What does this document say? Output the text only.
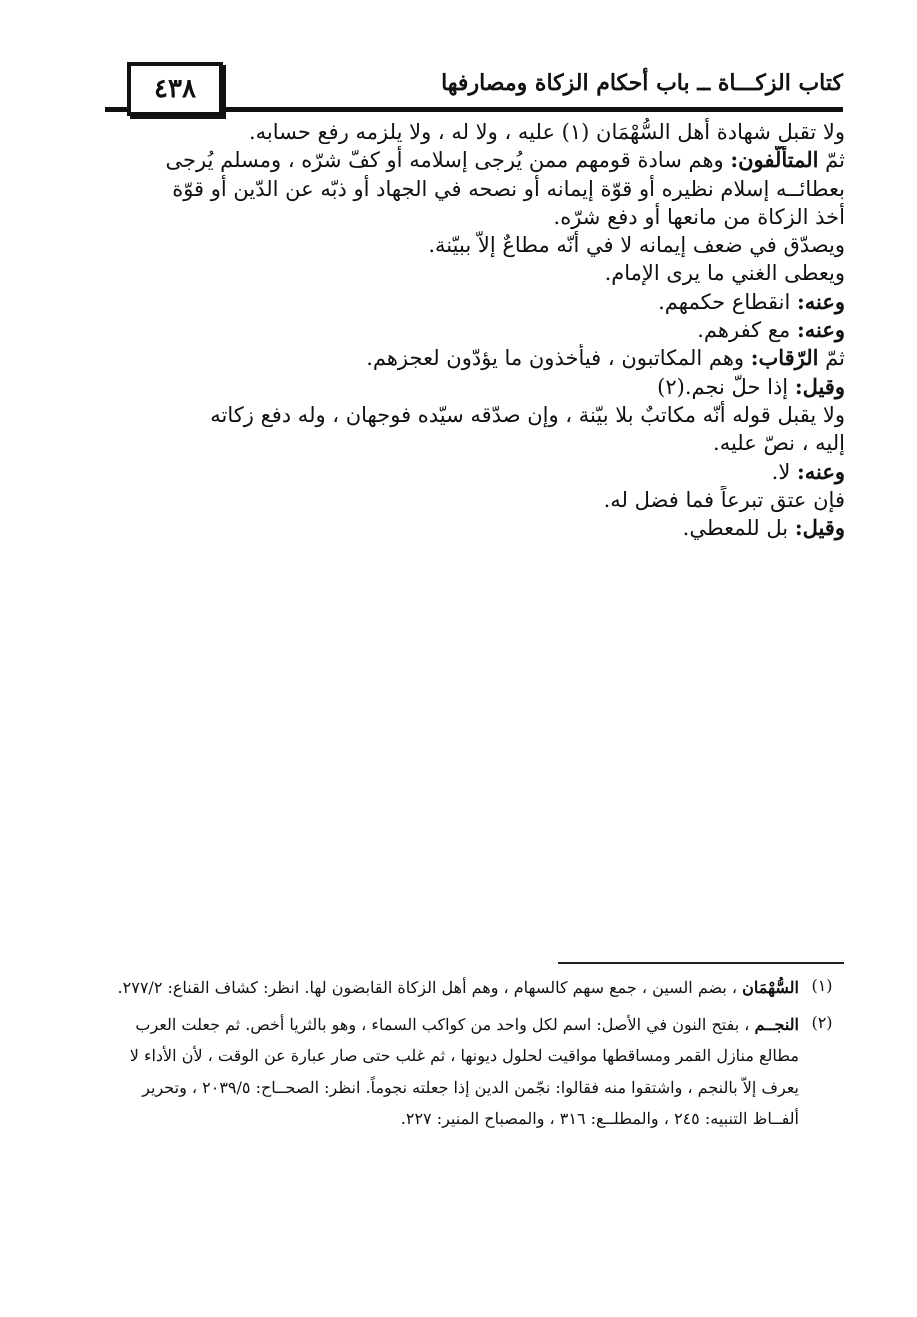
٤٣٨	كتاب الزكـــاة ــ باب أحكام الزكاة ومصارفها

ولا تقبل شهادة أهل السُّهْمَان (١) عليه ، ولا له ، ولا يلزمه رفع حسابه.

ثمّ المتألّفون: وهم سادة قومهم ممن يُرجى إسلامه أو كفّ شرّه ، ومسلم يُرجى

بعطائــه إسلام نظيره أو قوّة إيمانه أو نصحه في الجهاد أو ذبّه عن الدّين أو قوّة

أخذ الزكاة من مانعها أو دفع شرّه.

ويصدّق في ضعف إيمانه لا في أنّه مطاعٌ إلاّ ببيّنة.

ويعطى الغني ما يرى الإمام.

وعنه: انقطاع حكمهم.

وعنه: مع كفرهم.

ثمّ الرّقاب: وهم المكاتبون ، فيأخذون ما يؤدّون لعجزهم.

وقيل: إذا حلّ نجم.(٢)

ولا يقبل قوله أنّه مكاتبٌ بلا بيّنة ، وإن صدّقه سيّده فوجهان ، وله دفع زكاته

إليه ، نصّ عليه.

وعنه: لا.

فإن عتق تبرعاً فما فضل له.

وقيل: بل للمعطي.

(١)
السُّهْمَان ، بضم السين ، جمع سهم كالسهام ، وهم أهل الزكاة القابضون لها. انظر: كشاف القناع: ٢٧٧/٢.
(٢)
النجــم ، بفتح النون في الأصل: اسم لكل واحد من كواكب السماء ، وهو بالثريا أخص. ثم جعلت العرب مطالع منازل القمر ومساقطها مواقيت لحلول ديونها ، ثم غلب حتى صار عبارة عن الوقت ، لأن الأداء لا يعرف إلاّ بالنجم ، واشتقوا منه فقالوا: نجّمن الدين إذا جعلته نجوماً. انظر: الصحــاح: ٢٠٣٩/٥ ، وتحرير ألفــاظ التنبيه: ٢٤٥ ، والمطلــع: ٣١٦ ، والمصباح المنير: ٢٢٧.
